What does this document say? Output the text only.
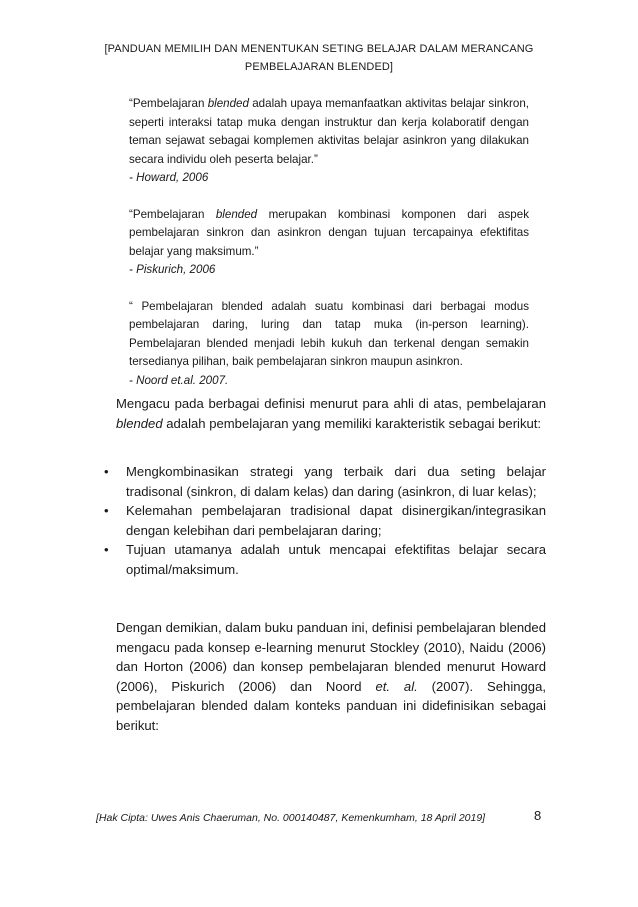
[PANDUAN MEMILIH DAN MENENTUKAN SETING BELAJAR DALAM MERANCANG
PEMBELAJARAN BLENDED]

“Pembelajaran blended adalah upaya memanfaatkan aktivitas belajar sinkron, seperti interaksi tatap muka dengan instruktur dan kerja kolaboratif dengan teman sejawat sebagai komplemen aktivitas belajar asinkron yang dilakukan secara individu oleh peserta belajar.”

- Howard, 2006

“Pembelajaran blended merupakan kombinasi komponen dari aspek pembelajaran sinkron dan asinkron dengan tujuan tercapainya efektifitas belajar yang maksimum.”

- Piskurich, 2006

“ Pembelajaran blended adalah suatu kombinasi dari berbagai modus pembelajaran daring, luring dan tatap muka (in-person learning). Pembelajaran blended menjadi lebih kukuh dan terkenal dengan semakin tersedianya pilihan, baik pembelajaran sinkron maupun asinkron.

- Noord et.al. 2007.

Mengacu pada berbagai definisi menurut para ahli di atas, pembelajaran blended adalah pembelajaran yang memiliki karakteristik sebagai berikut:

• Mengkombinasikan strategi yang terbaik dari dua seting belajar tradisonal (sinkron, di dalam kelas) dan daring (asinkron, di luar kelas);
• Kelemahan pembelajaran tradisional dapat disinergikan/integrasikan dengan kelebihan dari pembelajaran daring;
• Tujuan utamanya adalah untuk mencapai efektifitas belajar secara optimal/maksimum.

Dengan demikian, dalam buku panduan ini, definisi pembelajaran blended mengacu pada konsep e-learning menurut Stockley (2010), Naidu (2006) dan Horton (2006) dan konsep pembelajaran blended menurut Howard (2006), Piskurich (2006) dan Noord et. al. (2007). Sehingga, pembelajaran blended dalam konteks panduan ini didefinisikan sebagai berikut:

[Hak Cipta: Uwes Anis Chaeruman, No. 000140487, Kemenkumham, 18 April 2019]	8
